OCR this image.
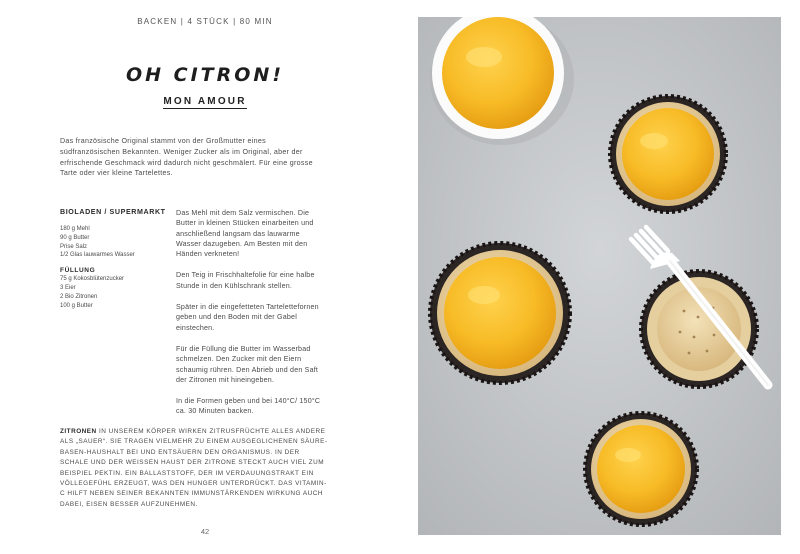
BACKEN | 4 STÜCK | 80 MIN
OH CITRON!
MON AMOUR

Das französische Original stammt von der Großmutter eines südfranzösischen Bekannten. Weniger Zucker als im Original, aber der erfrischende Geschmack wird dadurch nicht geschmälert. Für eine grosse Tarte oder vier kleine Tartelettes.

BIOLADEN / SUPERMARKT
180 g Mehl
90 g Butter
Prise Salz
1/2 Glas lauwarmes Wasser
FÜLLUNG
75 g Kokosblütenzucker
3 Eier
2 Bio Zitronen
100 g Butter

Das Mehl mit dem Salz vermischen. Die Butter in kleinen Stücken einarbeiten und anschließend langsam das lauwarme Wasser dazugeben. Am Besten mit den Händen verkneten!

Den Teig in Frischhaltefolie für eine halbe Stunde in den Kühlschrank stellen.

Später in die eingefetteten Tartelettefornen geben und den Boden mit der Gabel einstechen.

Für die Füllung die Butter im Wasserbad schmelzen. Den Zucker mit den Eiern schaumig rühren. Den Abrieb und den Saft der Zitronen mit hineingeben.

In die Formen geben und bei 140°C/ 150°C ca. 30 Minuten backen.

ZITRONEN IN UNSEREM KÖRPER WIRKEN ZITRUSFRÜCHTE ALLES ANDERE ALS „SAUER“. SIE TRAGEN VIELMEHR ZU EINEM AUSGEGLICHENEN SÄURE-BASEN-HAUSHALT BEI UND ENTSÄUERN DEN ORGANISMUS. IN DER SCHALE UND DER WEISSEN HAUST DER ZITRONE STECKT AUCH VIEL ZUM BEISPIEL PEKTIN. EIN BALLASTSTOFF, DER IM VERDAUUNGSTRAKT EIN VÖLLEGEFÜHL ERZEUGT, WAS DEN HUNGER UNTERDRÜCKT. DAS VITAMIN-C HILFT NEBEN SEINER BEKANNTEN IMMUNSTÄRKENDEN WIRKUNG AUCH DABEI, EISEN BESSER AUFZUNEHMEN.

42
